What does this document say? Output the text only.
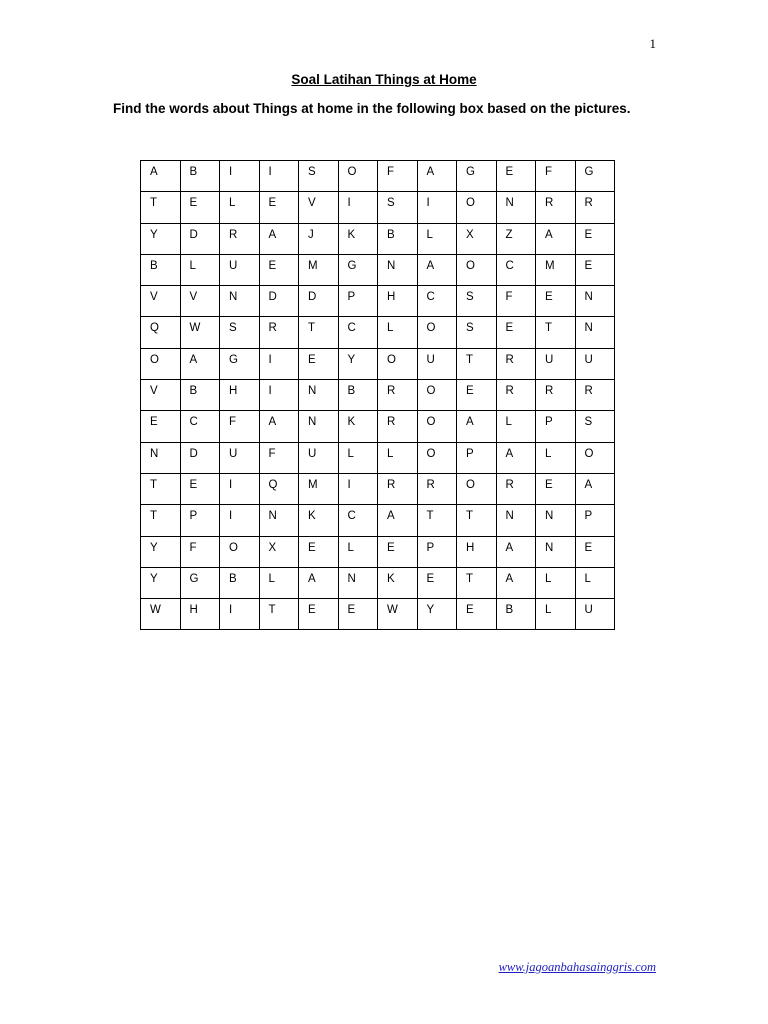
1
Soal Latihan Things at Home
Find the words about Things at home in the following box based on the pictures.
A	B	I	I	S	O	F	A	G	E	F	G

T	E	L	E	V	I	S	I	O	N	R	R

Y	D	R	A	J	K	B	L	X	Z	A	E

B	L	U	E	M	G	N	A	O	C	M	E

V	V	N	D	D	P	H	C	S	F	E	N

Q	W	S	R	T	C	L	O	S	E	T	N

O	A	G	I	E	Y	O	U	T	R	U	U

V	B	H	I	N	B	R	O	E	R	R	R

E	C	F	A	N	K	R	O	A	L	P	S

N	D	U	F	U	L	L	O	P	A	L	O

T	E	I	Q	M	I	R	R	O	R	E	A

T	P	I	N	K	C	A	T	T	N	N	P

Y	F	O	X	E	L	E	P	H	A	N	E

Y	G	B	L	A	N	K	E	T	A	L	L

W	H	I	T	E	E	W	Y	E	B	L	U
www.jagoanbahasainggris.com
